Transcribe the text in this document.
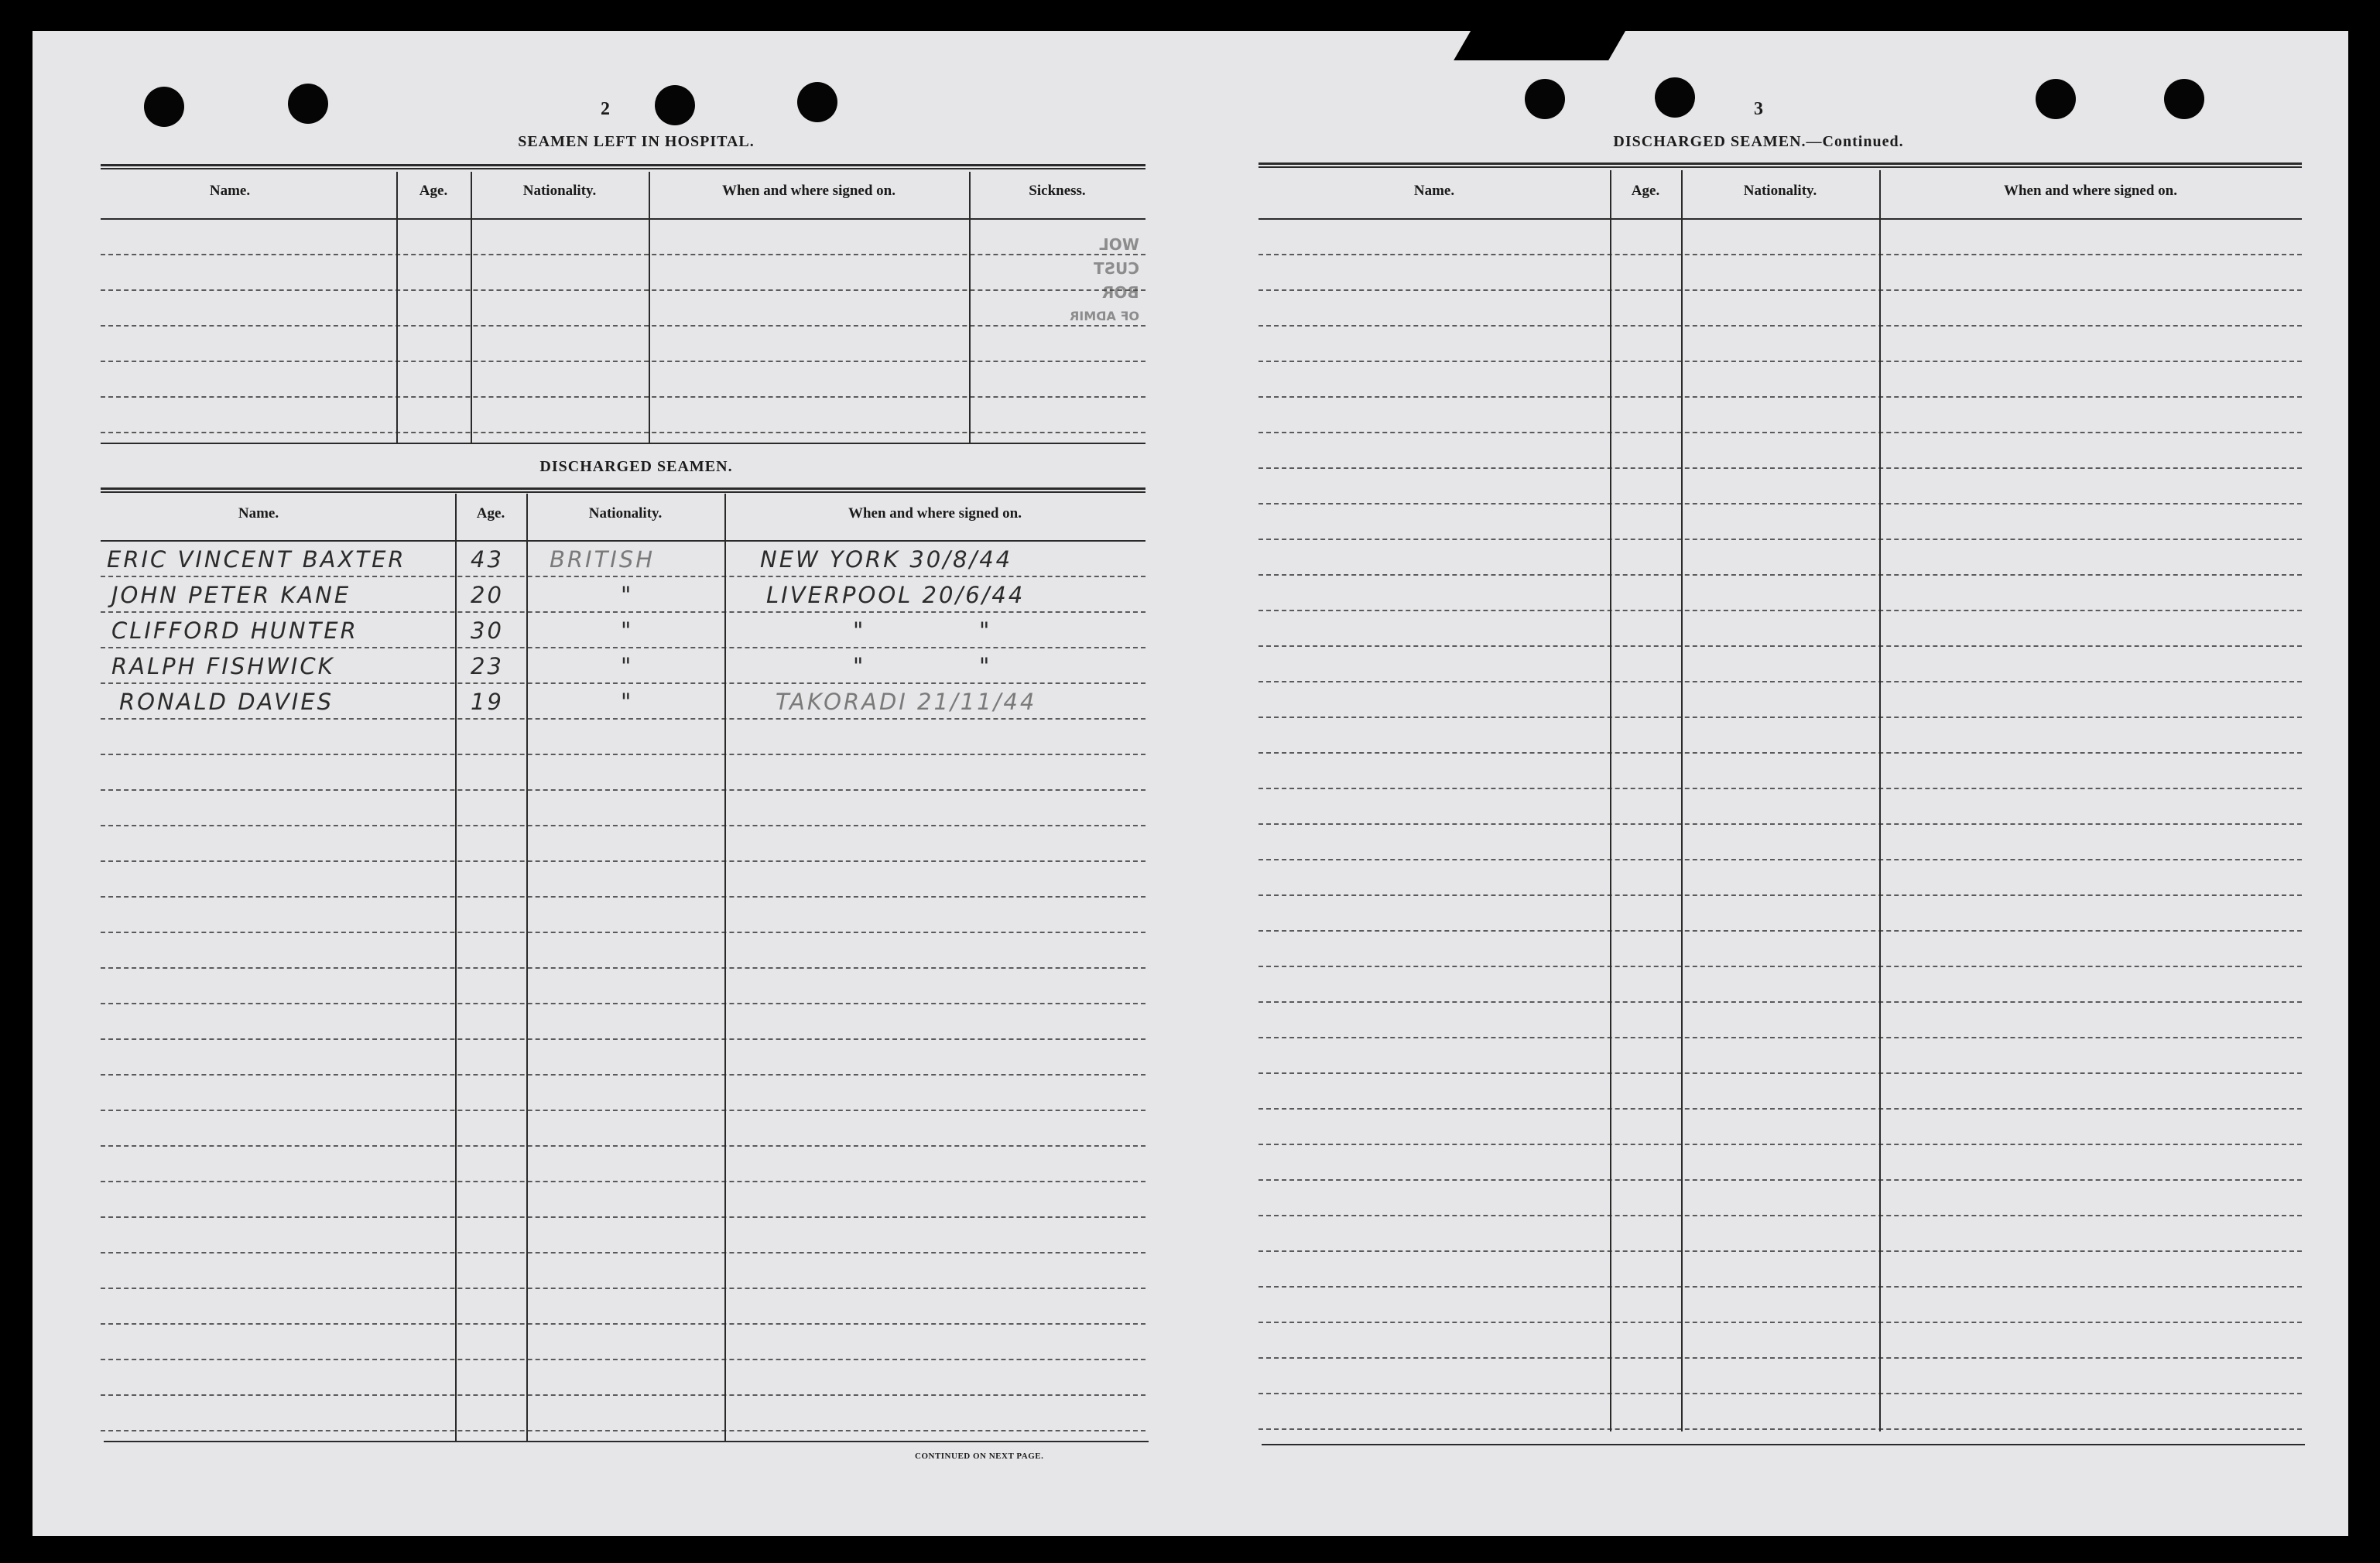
2
SEAMEN LEFT IN HOSPITAL.
Name.	Age.	Nationality.	When and where signed on.	Sickness.
WOL
CUST
BOR
OF ADMIR
DISCHARGED SEAMEN.
Name.	Age.	Nationality.	When and where signed on.
ERIC VINCENT BAXTER	43 BRITISH	NEW YORK 30/8/44
JOHN PETER KANE	20	"	LIVERPOOL 20/6/44
CLIFFORD HUNTER	30	"	"            "
RALPH FISHWICK	23	"	"            "
RONALD DAVIES	19	"	TAKORADI 21/11/44
CONTINUED ON NEXT PAGE.
3
DISCHARGED SEAMEN.—Continued.
Name.	Age.	Nationality.	When and where signed on.
